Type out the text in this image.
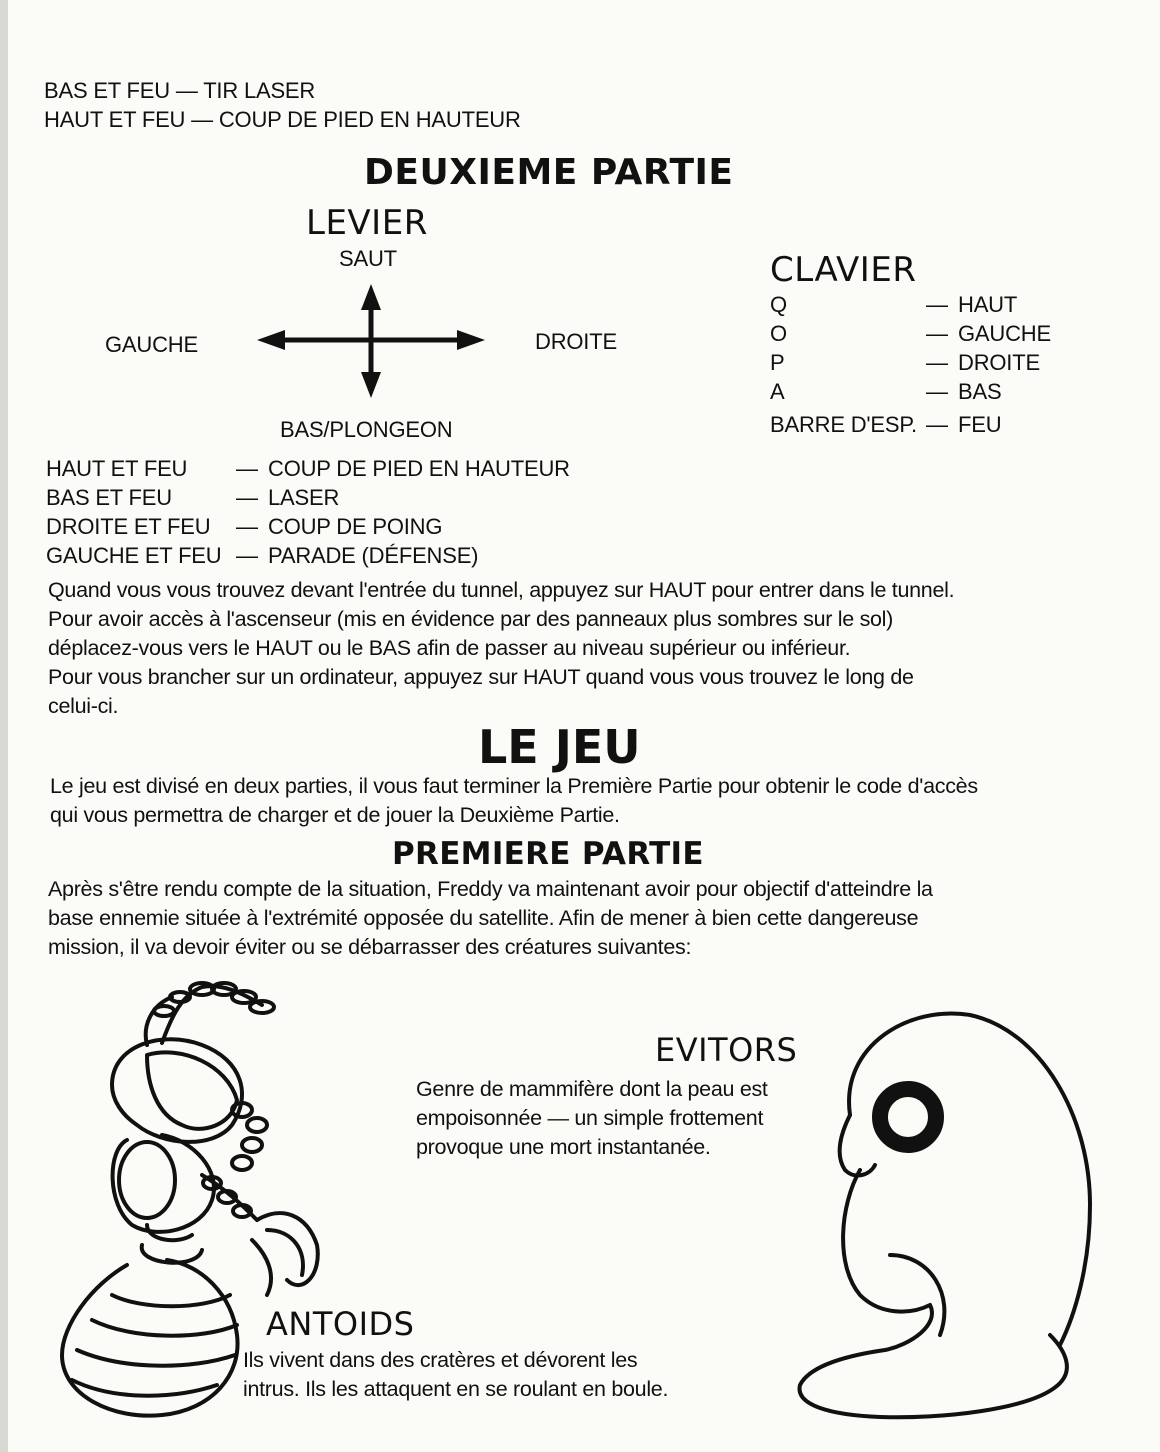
BAS ET FEU — TIR LASER
HAUT ET FEU — COUP DE PIED EN HAUTEUR
DEUXIEME PARTIE
LEVIER
SAUT
GAUCHE	DROITE
BAS/PLONGEON
CLAVIER
Q	— HAUT
O	— GAUCHE
P	— DROITE
A	— BAS
BARRE D'ESP. — FEU
HAUT ET FEU	— COUP DE PIED EN HAUTEUR
BAS ET FEU	— LASER
DROITE ET FEU	— COUP DE POING
GAUCHE ET FEU — PARADE (DÉFENSE)
Quand vous vous trouvez devant l'entrée du tunnel, appuyez sur HAUT pour entrer dans le tunnel.
Pour avoir accès à l'ascenseur (mis en évidence par des panneaux plus sombres sur le sol)
déplacez-vous vers le HAUT ou le BAS afin de passer au niveau supérieur ou inférieur.
Pour vous brancher sur un ordinateur, appuyez sur HAUT quand vous vous trouvez le long de
celui-ci.
LE JEU
Le jeu est divisé en deux parties, il vous faut terminer la Première Partie pour obtenir le code d'accès
qui vous permettra de charger et de jouer la Deuxième Partie.
PREMIERE PARTIE
Après s'être rendu compte de la situation, Freddy va maintenant avoir pour objectif d'atteindre la
base ennemie située à l'extrémité opposée du satellite. Afin de mener à bien cette dangereuse
mission, il va devoir éviter ou se débarrasser des créatures suivantes:
EVITORS
Genre de mammifère dont la peau est
empoisonnée — un simple frottement
provoque une mort instantanée.
ANTOIDS
Ils vivent dans des cratères et dévorent les
intrus. Ils les attaquent en se roulant en boule.
